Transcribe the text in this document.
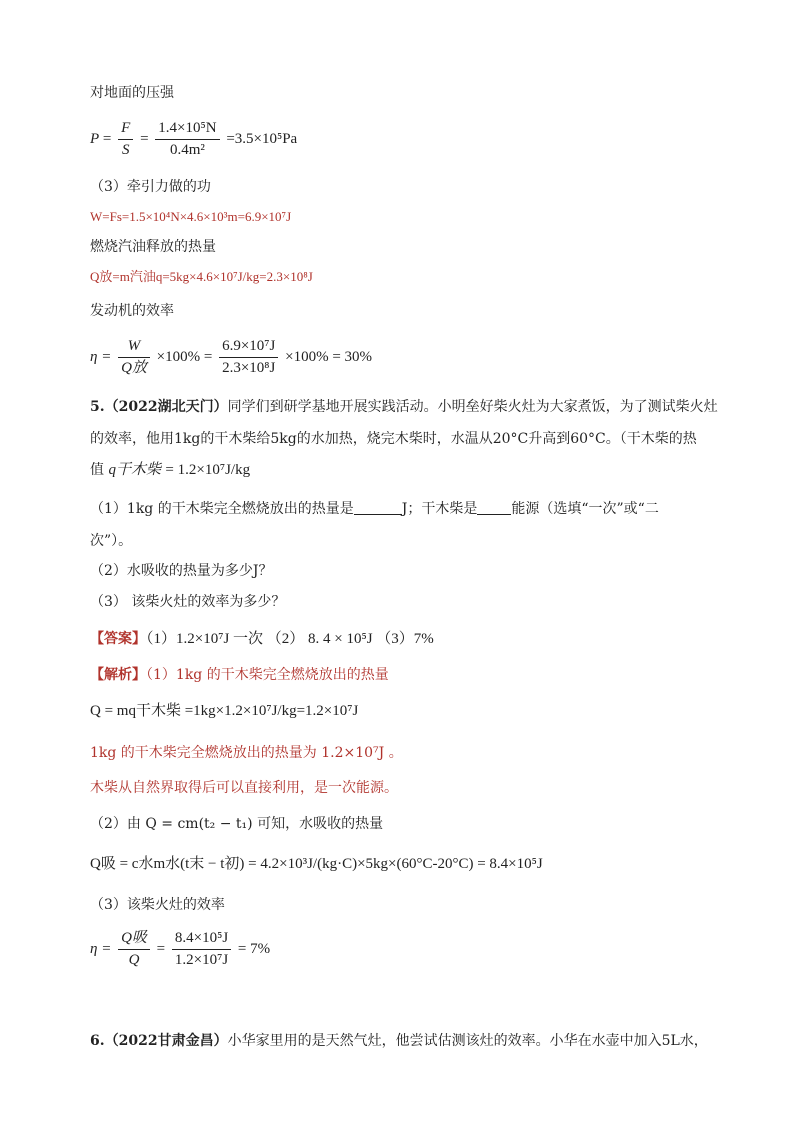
对地面的压强
$P = \frac{F}{S} = \frac{\text{1.4×10⁵N}}{\text{0.4m²}} =3.5\times 10^5Pa$
（3）牵引力做的功
W=Fs=1.5×10⁴N×4.6×10³m=6.9×10⁷J
燃烧汽油释放的热量
Q放=m汽油q=5kg×4.6×10⁷J/kg=2.3×10⁸J
发动机的效率
$\eta = \frac{W}{\text{Q放}} \times 100\% = \frac{\text{6.9×10⁷J}}{\text{2.3×10⁸J}} \times 100\% = 30\%$
5.（2022湖北天门）同学们到研学基地开展实践活动。小明垒好柴火灶为大家煮饭，为了测试柴火灶
的效率，他用1kg的干木柴给5kg的水加热，烧完木柴时，水温从20°C升高到60°C。（干木柴的热
值 q干木柴 = 1.2×10⁷J/kg
（1）1kg 的干木柴完全燃烧放出的热量是	J；干木柴是 能源（选填“一次”或“二
次”）。
（2）水吸收的热量为多少J？
（3） 该柴火灶的效率为多少？
【答案】（1）1.2×10⁷J 一次 （2） 8. 4 × 10⁵J （3）7%
【解析】（1）1kg 的干木柴完全燃烧放出的热量
Q = mq干木柴 =1kg×1.2×10⁷J/kg=1.2×10⁷J
1kg 的干木柴完全燃烧放出的热量为 1.2×10⁷J 。
木柴从自然界取得后可以直接利用，是一次能源。
（2）由 Q = cm(t₂ − t₁) 可知，水吸收的热量
Q吸 = c水m水(t末 − t初) = 4.2×10³J/(kg·C)×5kg×(60°C-20°C) = 8.4×10⁵J
（3）该柴火灶的效率
$\eta = \frac{\text{Q吸}}{Q} = \frac{\text{8.4×10⁵J}}{\text{1.2×10⁷J}} = 7\%$
6.（2022甘肃金昌）小华家里用的是天然气灶，他尝试估测该灶的效率。小华在水壶中加入5L水，
